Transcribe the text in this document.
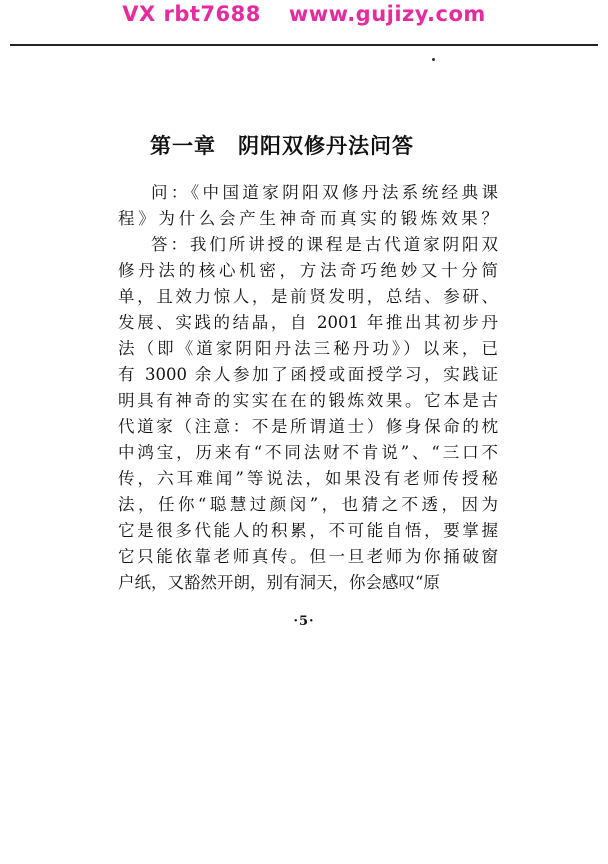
VX rbt7688 www.gujizy.com
第一章　阴阳双修丹法问答
问：《中国道家阴阳双修丹法系统经典课
程》为什么会产生神奇而真实的锻炼效果？
答：我们所讲授的课程是古代道家阴阳双
修丹法的核心机密，方法奇巧绝妙又十分简
单，且效力惊人，是前贤发明，总结、参研、
发展、实践的结晶，自 2001 年推出其初步丹
法（即《道家阴阳丹法三秘丹功》）以来，已
有 3000 余人参加了函授或面授学习，实践证
明具有神奇的实实在在的锻炼效果。它本是古
代道家（注意：不是所谓道士）修身保命的枕
中鸿宝，历来有“不同法财不肯说”、“三口不
传，六耳难闻”等说法，如果没有老师传授秘
法，任你“聪慧过颜闵”，也猜之不透，因为
它是很多代能人的积累，不可能自悟，要掌握
它只能依靠老师真传。但一旦老师为你捅破窗
户纸，又豁然开朗，别有洞天，你会感叹“原
·5·
